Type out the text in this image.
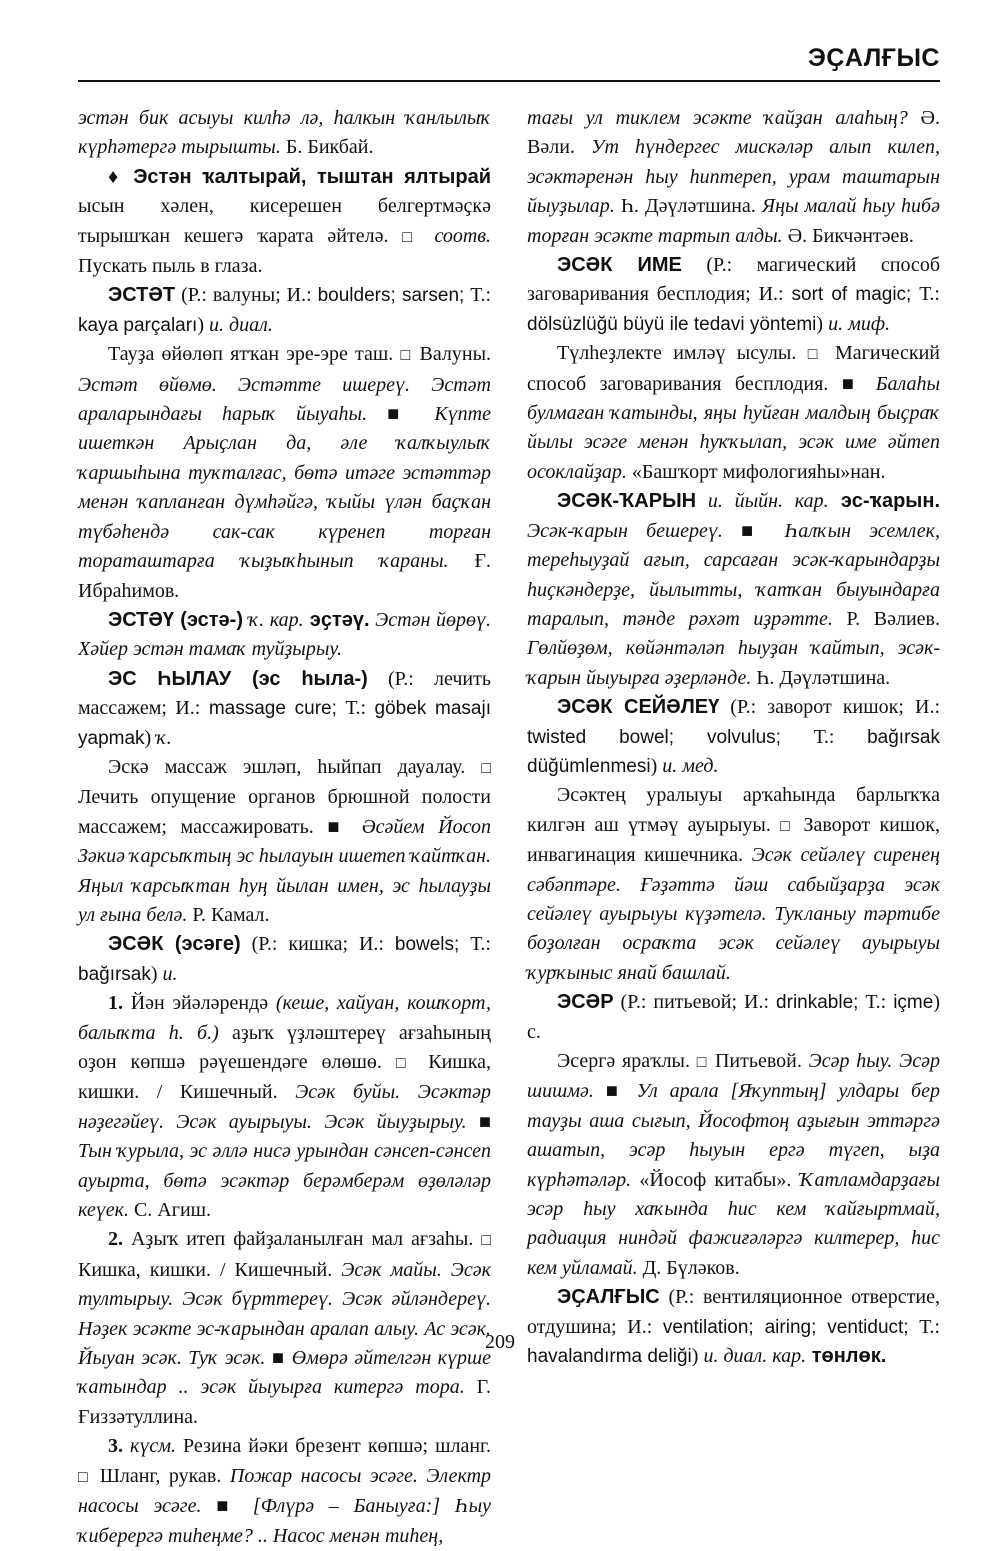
ЭҪАЛҒЫС

эстән бик асыуы килһә лә, һалкын ҡанлылыҡ күрһәтергә тырышты. Б. Бикбай.

♦ Эстән ҡалтырай, тыштан ялтырай ысын хәлен, кисерешен белгертмәҫкә тырышҡан кешегә ҡарата әйтелә. □ соотв. Пускать пыль в глаза.

ЭСТӘТ (Р.: валуны; И.: boulders; sarsen; Т.: kaya parçaları) и. диал.

Тауҙа өйөлөп ятҡан эре-эре таш. □ Валуны. Эстәт өйөмө. Эстәтте ишереү. Эстәт араларындағы һарыҡ йыуаһы. ■ Күпте ишеткән Арыҫлан да, әле ҡалҡыулыҡ ҡаршыһына туҡталғас, бөтә итәге эстәттәр менән ҡапланған дүмһәйгә, ҡыйы үлән баҫҡан түбәһендә сак-сак күренеп торған тораташтарға ҡыҙыҡһынып ҡараны. Ғ. Ибраһимов.

ЭСТӘҮ (эстә-) ҡ. кар. эҫтәү. Эстән йөрөү. Хәйер эстән тамаҡ туйҙырыу.

ЭС ҺЫЛАУ (эс һыла-) (Р.: лечить массажем; И.: massage cure; Т.: göbek masajı yapmak) ҡ.

Эскә массаж эшләп, һыйпап дауалау. □ Лечить опущение органов брюшной полости массажем; массажировать. ■ Әсәйем Йосоп Зәкиә ҡарсыҡтың эс һылауын ишетеп ҡайтҡан. Яңыл ҡарсыҡтан һуң йылан имен, эс һылауҙы ул ғына белә. Р. Камал.

ЭСӘК (эсәге) (Р.: кишка; И.: bowels; Т.: bağırsak) и.

1. Йән эйәләрендә (кеше, хайуан, кошҡорт, балыҡта һ. б.) аҙыҡ үҙләштереү ағзаһының оҙон көпшә рәүешендәге өлөшө. □ Кишка, кишки. / Кишечный. Эсәк буйы. Эсәктәр нәҙегәйеү. Эсәк ауырыуы. Эсәк йыуҙырыу. ■ Тын ҡурыла, эс әллә нисә урындан сәнсеп-сәнсеп ауырта, бөтә эсәктәр берәмберәм өҙөләләр кеүек. С. Агиш.

2. Аҙыҡ итеп файҙаланылған мал ағзаһы. □ Кишка, кишки. / Кишечный. Эсәк майы. Эсәк тултырыу. Эсәк бүрттереү. Эсәк әйләндереү. Нәҙек эсәкте эс-ҡарындан аралап алыу. Ас эсәк. Йыуан эсәк. Туҡ эсәк. ■ Өмөрә әйтелгән күрше ҡатындар .. эсәк йыуырға китергә тора. Г. Ғиззәтуллина.

3. күсм. Резина йәки брезент көпшә; шланг. □ Шланг, рукав. Пожар насосы эсәге. Электр насосы эсәге. ■ [Флүрә – Баныуға:] Һыу ҡиберергә тиһеңме? .. Насос менән тиһең,

тағы ул тиклем эсәкте ҡайҙан алаһың? Ә. Вәли. Ут һүндергес мискәләр алып килеп, эсәктәренән һыу һиптереп, урам таштарын йыуҙылар. Һ. Дәүләтшина. Яңы малай һыу һибә торған эсәкте тартып алды. Ә. Бикчәнтәев.

ЭСӘК ИМЕ (Р.: магический способ заговаривания бесплодия; И.: sort of magic; Т.: dölsüzlüğü büyü ile tedavi yöntemi) и. миф.

Түлһеҙлекте имләү ысулы. □ Магический способ заговаривания бесплодия. ■ Балаһы булмаған ҡатынды, яңы һуйған малдың быҫраҡ йылы эсәге менән һуҡҡылап, эсәк име әйтеп осоклайҙар. «Башҡорт мифологияһы»нан.

ЭСӘК-ҠАРЫН и. йыйн. кар. эс-ҡарын. Эсәк-ҡарын бешереү. ■ Һалҡын эсемлек, тереһыуҙай ағып, сарсаған эсәк-ҡарындарҙы һиҫкәндерҙе, йылытты, ҡатҡан быуындарға таралып, тәнде рәхәт иҙрәтте. Р. Вәлиев. Гөлйөҙөм, көйәнтәләп һыуҙан ҡайтып, эсәк-ҡарын йыуырға әҙерләнде. Һ. Дәүләтшина.

ЭСӘК СЕЙӘЛЕҮ (Р.: заворот кишок; И.: twisted bowel; volvulus; Т.: bağırsak düğümlenmesi) и. мед.

Эсәктең уралыуы арҡаһында барлыҡҡа килгән аш үтмәү ауырыуы. □ Заворот кишок, инвагинация кишечника. Эсәк сейәлеү сиренең сәбәптәре. Ғәҙәттә йәш сабыйҙарҙа эсәк сейәлеү ауырыуы күҙәтелә. Туҡланыу тәртибе боҙолған осраҡта эсәк сейәлеү ауырыуы ҡурҡыныс янай башлай.

ЭСӘР (Р.: питьевой; И.: drinkable; Т.: içme) с.

Эсергә яраҡлы. □ Питьевой. Эсәр һыу. Эсәр шишмә. ■ Ул арала [Яҡуптың] улдары бер тауҙы аша сығып, Йософтоң аҙығын эттәргә ашатып, эсәр һыуын ергә түгеп, ыҙа күрһәтәләр. «Йософ китабы». Ҡатламдарҙағы эсәр һыу хаҡында һис кем ҡайғыртмай, радиация ниндәй фажиғәләргә килтерер, һис кем уйламай. Д. Бүләков.

ЭҪАЛҒЫС (Р.: вентиляционное отверстие, отдушина; И.: ventilation; airing; ventiduct; Т.: havalandırma deliği) и. диал. кар. төнлөк.

209
